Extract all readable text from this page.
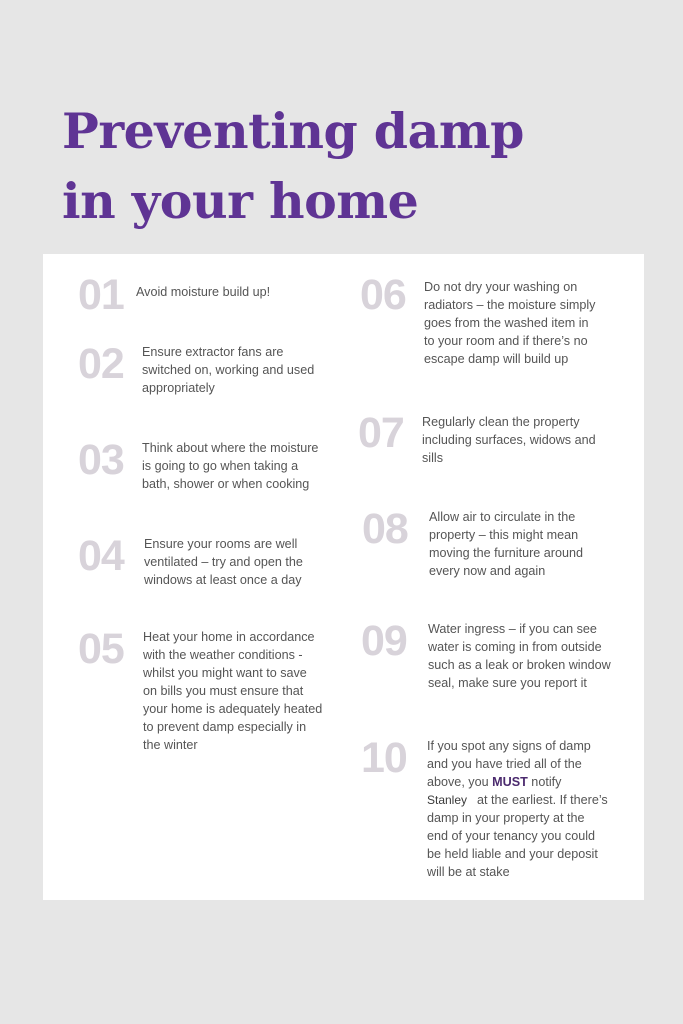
Preventing damp
in your home
01 Avoid moisture build up!
02 Ensure extractor fans are
switched on, working and used
appropriately
03 Think about where the moisture
is going to go when taking a
bath, shower or when cooking
04 Ensure your rooms are well
ventilated – try and open the
windows at least once a day
05 Heat your home in accordance
with the weather conditions -
whilst you might want to save
on bills you must ensure that
your home is adequately heated
to prevent damp especially in
the winter
06 Do not dry your washing on
radiators – the moisture simply
goes from the washed item in
to your room and if there’s no
escape damp will build up
07 Regularly clean the property
including surfaces, widows and
sills
08 Allow air to circulate in the
property – this might mean
moving the furniture around
every now and again
09 Water ingress – if you can see
water is coming in from outside
such as a leak or broken window
seal, make sure you report it
10 If you spot any signs of damp
and you have tried all of the
above, you MUST notify
Stanley at the earliest. If there’s
damp in your property at the
end of your tenancy you could
be held liable and your deposit
will be at stake
